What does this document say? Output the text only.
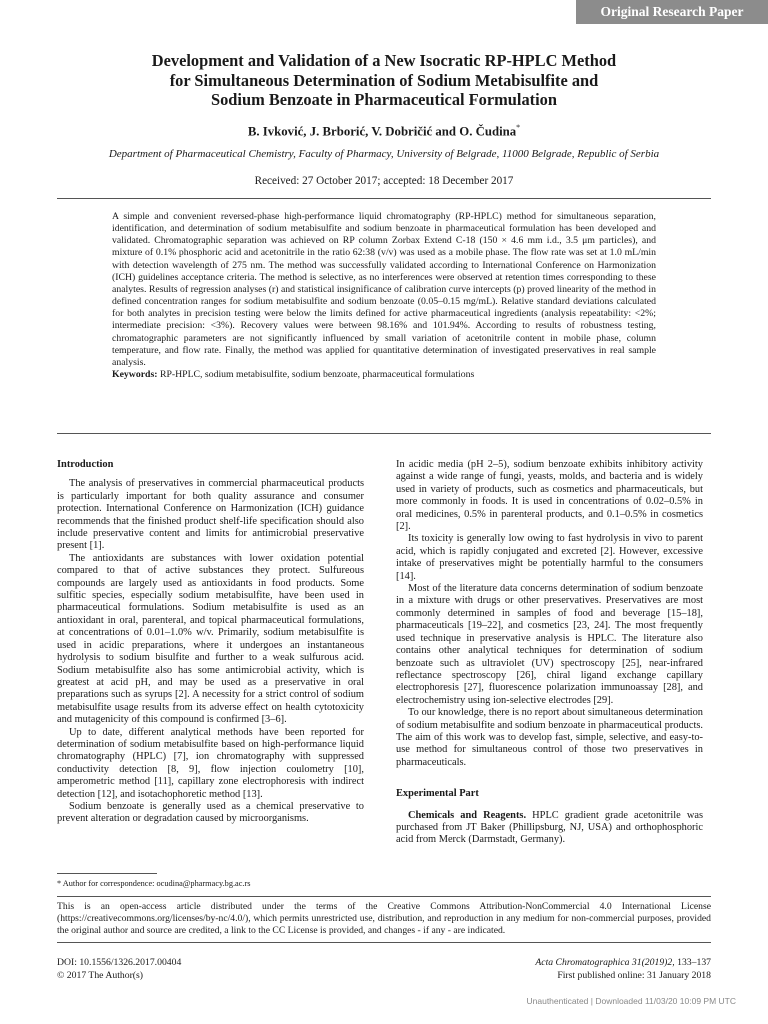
Original Research Paper
Development and Validation of a New Isocratic RP-HPLC Method
for Simultaneous Determination of Sodium Metabisulfite and
Sodium Benzoate in Pharmaceutical Formulation
B. Ivković, J. Brborić, V. Dobričić and O. Čudina*
Department of Pharmaceutical Chemistry, Faculty of Pharmacy, University of Belgrade, 11000 Belgrade, Republic of Serbia
Received: 27 October 2017; accepted: 18 December 2017

A simple and convenient reversed-phase high-performance liquid chromatography (RP-HPLC) method for simultaneous separation, identification, and determination of sodium metabisulfite and sodium benzoate in pharmaceutical formulation has been developed and validated. Chromatographic separation was achieved on RP column Zorbax Extend C-18 (150 × 4.6 mm i.d., 3.5 μm particles), and mixture of 0.1% phosphoric acid and acetonitrile in the ratio 62:38 (v/v) was used as a mobile phase. The flow rate was set at 1.0 mL/min with detection wavelength of 275 nm. The method was successfully validated according to International Conference on Harmonization (ICH) guidelines acceptance criteria. The method is selective, as no interferences were observed at retention times corresponding to these analytes. Results of regression analyses (r) and statistical insignificance of calibration curve intercepts (p) proved linearity of the method in defined concentration ranges for sodium metabisulfite and sodium benzoate (0.05–0.15 mg/mL). Relative standard deviations calculated for both analytes in precision testing were below the limits defined for active pharmaceutical ingredients (analysis repeatability: <2%; intermediate precision: <3%). Recovery values were between 98.16% and 101.94%. According to results of robustness testing, chromatographic parameters are not significantly influenced by small variation of acetonitrile content in mobile phase, column temperature, and flow rate. Finally, the method was applied for quantitative determination of investigated preservatives in real sample analysis.

Keywords: RP-HPLC, sodium metabisulfite, sodium benzoate, pharmaceutical formulations

Introduction

The analysis of preservatives in commercial pharmaceutical products is particularly important for both quality assurance and consumer protection. International Conference on Harmonization (ICH) guidance recommends that the finished product shelf-life specification should also include preservative content and limits for antimicrobial preservative present [1].

The antioxidants are substances with lower oxidation potential compared to that of active substances they protect. Sulfureous compounds are largely used as antioxidants in food products. Some sulfitic species, especially sodium metabisulfite, have been used in pharmaceutical formulations. Sodium metabisulfite is used as an antioxidant in oral, parenteral, and topical pharmaceutical formulations, at concentrations of 0.01–1.0% w/v. Primarily, sodium metabisulfite is used in acidic preparations, where it undergoes an instantaneous hydrolysis to sodium bisulfite and further to a weak sulfurous acid. Sodium metabisulfite also has some antimicrobial activity, which is greatest at acid pH, and may be used as a preservative in oral preparations such as syrups [2]. A necessity for a strict control of sodium metabisulfite usage results from its adverse effect on health cytotoxicity and mutagenicity of this compound is confirmed [3–6].

Up to date, different analytical methods have been reported for determination of sodium metabisulfite based on high-performance liquid chromatography (HPLC) [7], ion chromatography with suppressed conductivity detection [8, 9], flow injection coulometry [10], amperometric method [11], capillary zone electrophoresis with indirect detection [12], and isotachophoretic method [13].

Sodium benzoate is generally used as a chemical preservative to prevent alteration or degradation caused by microorganisms.

In acidic media (pH 2–5), sodium benzoate exhibits inhibitory activity against a wide range of fungi, yeasts, molds, and bacteria and is widely used in variety of products, such as cosmetics and pharmaceuticals, but more commonly in foods. It is used in concentrations of 0.02–0.5% in oral medicines, 0.5% in parenteral products, and 0.1–0.5% in cosmetics [2].

Its toxicity is generally low owing to fast hydrolysis in vivo to parent acid, which is rapidly conjugated and excreted [2]. However, excessive intake of preservatives might be potentially harmful to the consumers [14].

Most of the literature data concerns determination of sodium benzoate in a mixture with drugs or other preservatives. Preservatives are most commonly determined in samples of food and beverage [15–18], pharmaceuticals [19–22], and cosmetics [23, 24]. The most frequently used technique in preservative analysis is HPLC. The literature also contains other analytical techniques for determination of sodium benzoate such as ultraviolet (UV) spectroscopy [25], near-infrared reflectance spectroscopy [26], chiral ligand exchange capillary electrophoresis [27], fluorescence polarization immunoassay [28], and electrochemistry using ion-selective electrodes [29].

To our knowledge, there is no report about simultaneous determination of sodium metabisulfite and sodium benzoate in pharmaceutical products. The aim of this work was to develop fast, simple, selective, and easy-to-use method for simultaneous control of those two preservatives in pharmaceuticals.

Experimental Part

Chemicals and Reagents. HPLC gradient grade acetonitrile was purchased from JT Baker (Phillipsburg, NJ, USA) and orthophosphoric acid from Merck (Darmstadt, Germany).

* Author for correspondence: ocudina@pharmacy.bg.ac.rs

This is an open-access article distributed under the terms of the Creative Commons Attribution-NonCommercial 4.0 International License (https://creativecommons.org/licenses/by-nc/4.0/), which permits unrestricted use, distribution, and reproduction in any medium for non-commercial purposes, provided the original author and source are credited, a link to the CC License is provided, and changes - if any - are indicated.

DOI: 10.1556/1326.2017.00404
© 2017 The Author(s)
Acta Chromatographica 31(2019)2, 133–137
First published online: 31 January 2018
Unauthenticated | Downloaded 11/03/20 10:09 PM UTC
